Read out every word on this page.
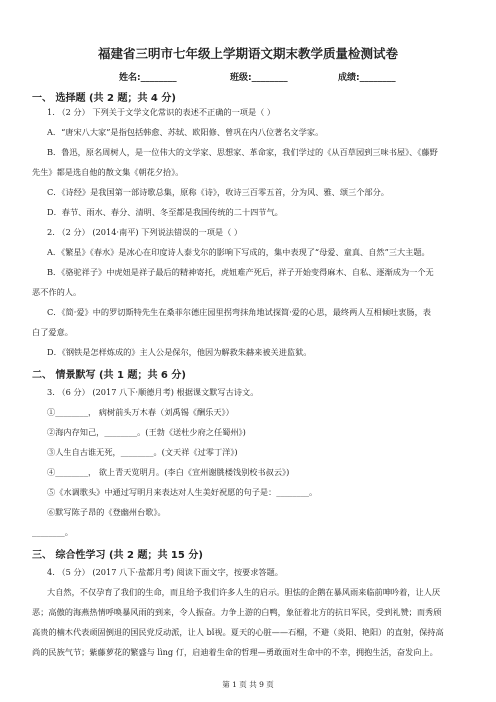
福建省三明市七年级上学期语文期末教学质量检测试卷
姓名:________	班级:________	成绩:________
一、 选择题 (共 2 题；共 4 分)
1. （2 分） 下列关于文学文化常识的表述不正确的一项是（ ）
A．“唐宋八大家”是指包括韩愈、苏轼、欧阳修、曾巩在内八位著名文学家。
B．鲁迅，原名周树人，是一位伟大的文学家、思想家、革命家，我们学过的《从百草园到三味书屋》、《藤野
先生》都是选自他的散文集《朝花夕拾》。
C．《诗经》是我国第一部诗歌总集，原称《诗》，收诗三百零五首，分为风、雅、颂三个部分。
D．春节、雨水、春分、清明、冬至都是我国传统的二十四节气。
2. （2 分） (2014·南平) 下列说法错误的一项是（ ）
A．《繁星》《春水》是冰心在印度诗人泰戈尔的影响下写成的，集中表现了“母爱、童真、自然”三大主题。
B．《骆驼祥子》中虎妞是祥子最后的精神寄托，虎妞难产死后，祥子开始变得麻木、自私、逐渐成为一个无
恶不作的人。
C．《简·爱》中的罗切斯特先生在桑菲尔德庄园里拐弯抹角地试探简·爱的心思，最终两人互相倾吐衷肠，表
白了爱意。
D．《钢铁是怎样炼成的》主人公是保尔，他因为解救朱赫来被关进监狱。
二、 情景默写 (共 1 题；共 6 分)
3. （6 分） (2017 八下·顺德月考) 根据课文默写古诗文。
①________， 病树前头万木春（刘禹锡《酬乐天》）
②海内存知己，________。(王勃《送杜少府之任蜀州》)
③人生自古谁无死，________。(文天祥《过零丁洋》)
④________， 欲上青天览明月。(李白《宣州谢朓楼饯别校书叔云》)
⑤《水调歌头》中通过写明月来表达对人生美好祝愿的句子是：________。
⑥默写陈子昂的《登幽州台歌》。
________。
三、 综合性学习 (共 2 题；共 15 分)
4. （5 分） (2017 八下·盐都月考) 阅读下面文字，按要求答题。
大自然，不仅孕育了我们的生命，而且给予我们许多人生的启示。胆怯的企鹅在暴风雨来临前呻吟着，让人厌
恶；高傲的海燕热情呼唤暴风雨的到来，令人振奋。力争上游的白鸭，象征着北方的抗日军民，受到礼赞；而秀颀
高贵的楠木代表顽固倒退的国民党反动派，让人 bǐ视。夏天的心脏——石榴，不避（炎阳、艳阳）的直射，保持高
尚的民族气节；紫藤萝花的繁盛与 lìng 仃，启迪着生命的哲理—勇敢面对生命中的不幸，拥抱生活，奋发向上。
第 1 页 共 9 页
